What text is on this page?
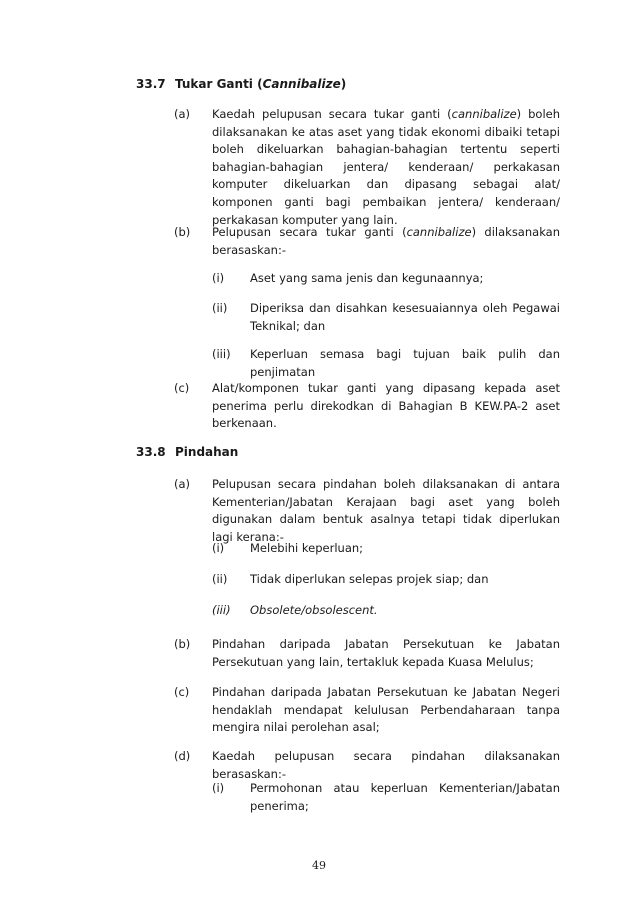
33.7 Tukar Ganti (Cannibalize)
(a) Kaedah pelupusan secara tukar ganti (cannibalize) boleh dilaksanakan ke atas aset yang tidak ekonomi dibaiki tetapi boleh dikeluarkan bahagian-bahagian tertentu seperti bahagian-bahagian jentera/ kenderaan/ perkakasan komputer dikeluarkan dan dipasang sebagai alat/ komponen ganti bagi pembaikan jentera/ kenderaan/ perkakasan komputer yang lain.

(b) Pelupusan secara tukar ganti (cannibalize) dilaksanakan berasaskan:-

(i) Aset yang sama jenis dan kegunaannya;

(ii) Diperiksa dan disahkan kesesuaiannya oleh Pegawai Teknikal; dan

(iii) Keperluan semasa bagi tujuan baik pulih dan penjimatan

(c) Alat/komponen tukar ganti yang dipasang kepada aset penerima perlu direkodkan di Bahagian B KEW.PA-2 aset berkenaan.

33.8 Pindahan
(a) Pelupusan secara pindahan boleh dilaksanakan di antara Kementerian/Jabatan Kerajaan bagi aset yang boleh digunakan dalam bentuk asalnya tetapi tidak diperlukan lagi kerana:-

(i) Melebihi keperluan;

(ii) Tidak diperlukan selepas projek siap; dan

(iii) Obsolete/obsolescent.

(b) Pindahan daripada Jabatan Persekutuan ke Jabatan Persekutuan yang lain, tertakluk kepada Kuasa Melulus;

(c) Pindahan daripada Jabatan Persekutuan ke Jabatan Negeri hendaklah mendapat kelulusan Perbendaharaan tanpa mengira nilai perolehan asal;

(d) Kaedah pelupusan secara pindahan dilaksanakan berasaskan:-

(i) Permohonan atau keperluan Kementerian/Jabatan penerima;

49
